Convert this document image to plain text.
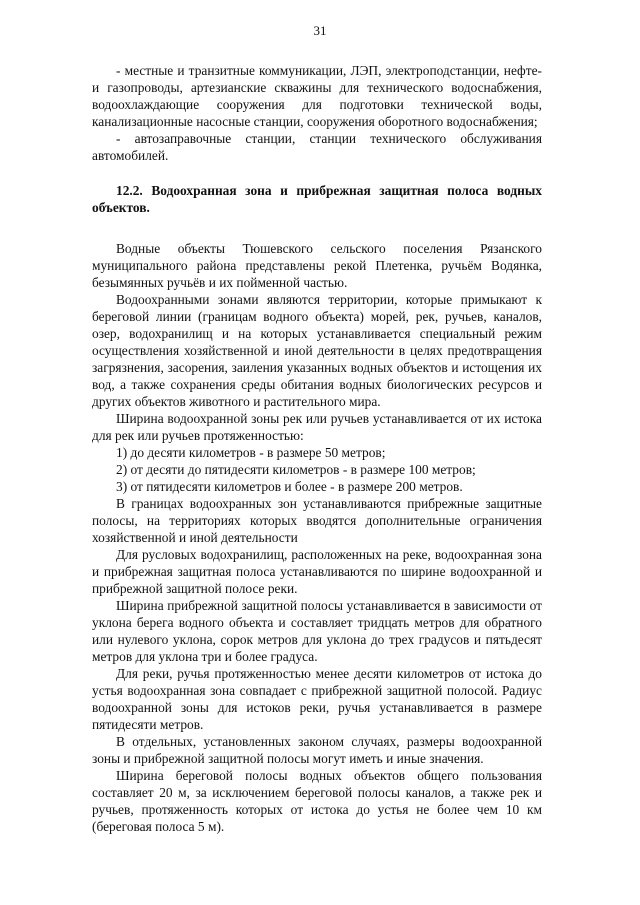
31

- местные и транзитные коммуникации, ЛЭП, электроподстанции, нефте- и газопроводы, артезианские скважины для технического водоснабжения, водоохлаждающие сооружения для подготовки технической воды, канализационные насосные станции, сооружения оборотного водоснабжения;

- автозаправочные станции, станции технического обслуживания автомобилей.

12.2. Водоохранная зона и прибрежная защитная полоса водных объектов.

Водные объекты Тюшевского сельского поселения Рязанского муниципального района представлены рекой Плетенка, ручьём Водянка, безымянных ручьёв и их пойменной частью.

Водоохранными зонами являются территории, которые примыкают к береговой линии (границам водного объекта) морей, рек, ручьев, каналов, озер, водохранилищ и на которых устанавливается специальный режим осуществления хозяйственной и иной деятельности в целях предотвращения загрязнения, засорения, заиления указанных водных объектов и истощения их вод, а также сохранения среды обитания водных биологических ресурсов и других объектов животного и растительного мира.

Ширина водоохранной зоны рек или ручьев устанавливается от их истока для рек или ручьев протяженностью:

1) до десяти километров - в размере 50 метров;

2) от десяти до пятидесяти километров - в размере 100 метров;

3) от пятидесяти километров и более - в размере 200 метров.

В границах водоохранных зон устанавливаются прибрежные защитные полосы, на территориях которых вводятся дополнительные ограничения хозяйственной и иной деятельности

Для русловых водохранилищ, расположенных на реке, водоохранная зона и прибрежная защитная полоса устанавливаются по ширине водоохранной и прибрежной защитной полосе реки.

Ширина прибрежной защитной полосы устанавливается в зависимости от уклона берега водного объекта и составляет тридцать метров для обратного или нулевого уклона, сорок метров для уклона до трех градусов и пятьдесят метров для уклона три и более градуса.

Для реки, ручья протяженностью менее десяти километров от истока до устья водоохранная зона совпадает с прибрежной защитной полосой. Радиус водоохранной зоны для истоков реки, ручья устанавливается в размере пятидесяти метров.

В отдельных, установленных законом случаях, размеры водоохранной зоны и прибрежной защитной полосы могут иметь и иные значения.

Ширина береговой полосы водных объектов общего пользования составляет 20 м, за исключением береговой полосы каналов, а также рек и ручьев, протяженность которых от истока до устья не более чем 10 км (береговая полоса 5 м).
